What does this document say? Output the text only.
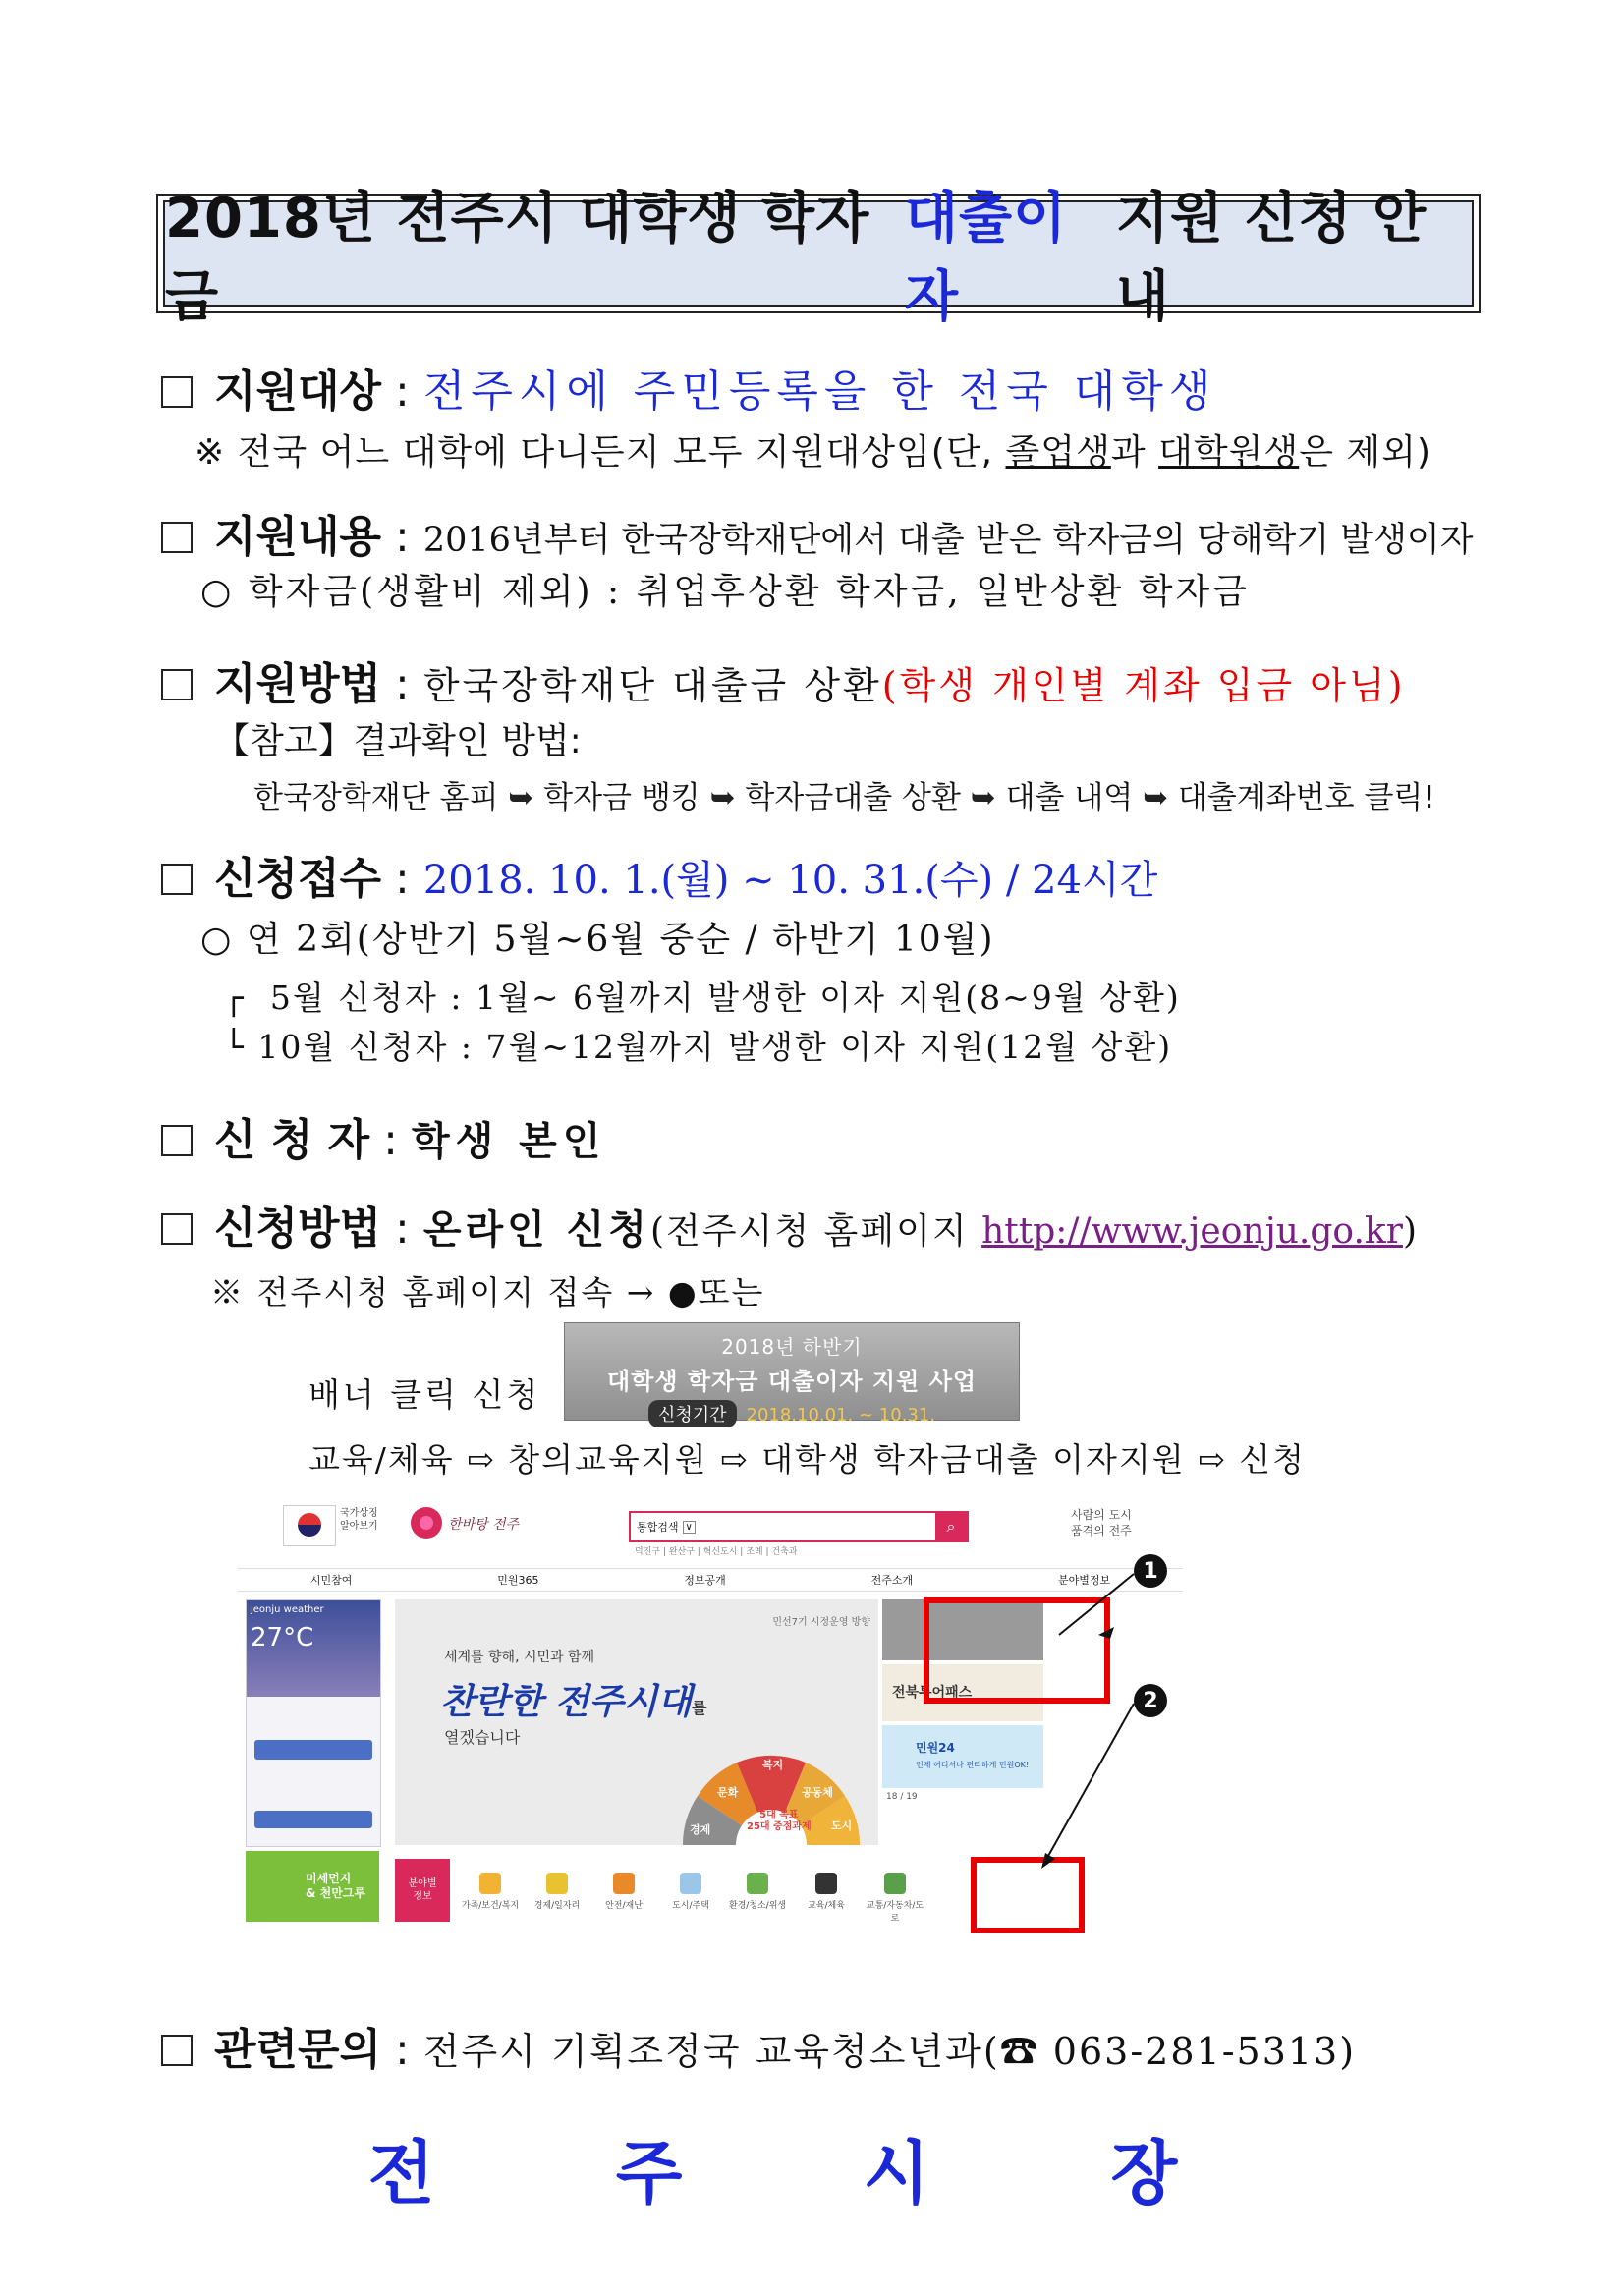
2018년 전주시 대학생 학자금
대출이자
지원 신청 안내
지원대상 : 전주시에 주민등록을 한 전국 대학생
※ 전국 어느 대학에 다니든지 모두 지원대상임(단, 졸업생과 대학원생은 제외)
지원내용 : 2016년부터 한국장학재단에서 대출 받은 학자금의 당해학기 발생이자
○ 학자금(생활비 제외) : 취업후상환 학자금, 일반상환 학자금
지원방법 : 한국장학재단 대출금 상환(학생 개인별 계좌 입금 아님)
【참고】결과확인 방법:
한국장학재단 홈피 ➥ 학자금 뱅킹 ➥ 학자금대출 상환 ➥ 대출 내역 ➥ 대출계좌번호 클릭!
신청접수 : 2018. 10. 1.(월) ~ 10. 31.(수) / 24시간
○ 연 2회(상반기 5월~6월 중순 / 하반기 10월)
┌  5월 신청자 : 1월~ 6월까지 발생한 이자 지원(8~9월 상환)
└ 10월 신청자 : 7월~12월까지 발생한 이자 지원(12월 상환)
신 청 자 : 학생 본인
신청방법 : 온라인 신청(전주시청 홈페이지 http://www.jeonju.go.kr)
※ 전주시청 홈페이지 접속 → ●또는
배너 클릭 신청
2018년 하반기
대학생 학자금 대출이자 지원 사업
신청기간 2018.10.01. ~ 10.31.
교육/체육 ⇨ 창의교육지원 ⇨ 대학생 학자금대출 이자지원 ⇨ 신청
국가상징
알아보기	한바탕 전주	통합검색 ∨	⌕
덕진구 | 완산구 | 혁신도시 | 조례 | 건축과
사람의 도시
품격의 전주
시민참여	민원365	정보공개	전주소개	분야별정보
jeonju weather
27°C
민선7기 시정운영 방향
세계를 향해, 시민과 함께
찬란한 전주시대를
열겠습니다
경제
문화
복지
공동체
도시
5대 목표
25대 중점과제
전북투어패스
민원24
언제 어디서나 편리하게 민원OK!
18 / 19
미세먼지
& 천만그루
분야별
정보
가족/보건/복지	경제/일자리	안전/재난	도시/주택	환경/청소/위생	교육/체육	교통/자동차/도로
1
2
관련문의 : 전주시 기획조정국 교육청소년과(☎ 063-281-5313)
전 주 시 장
